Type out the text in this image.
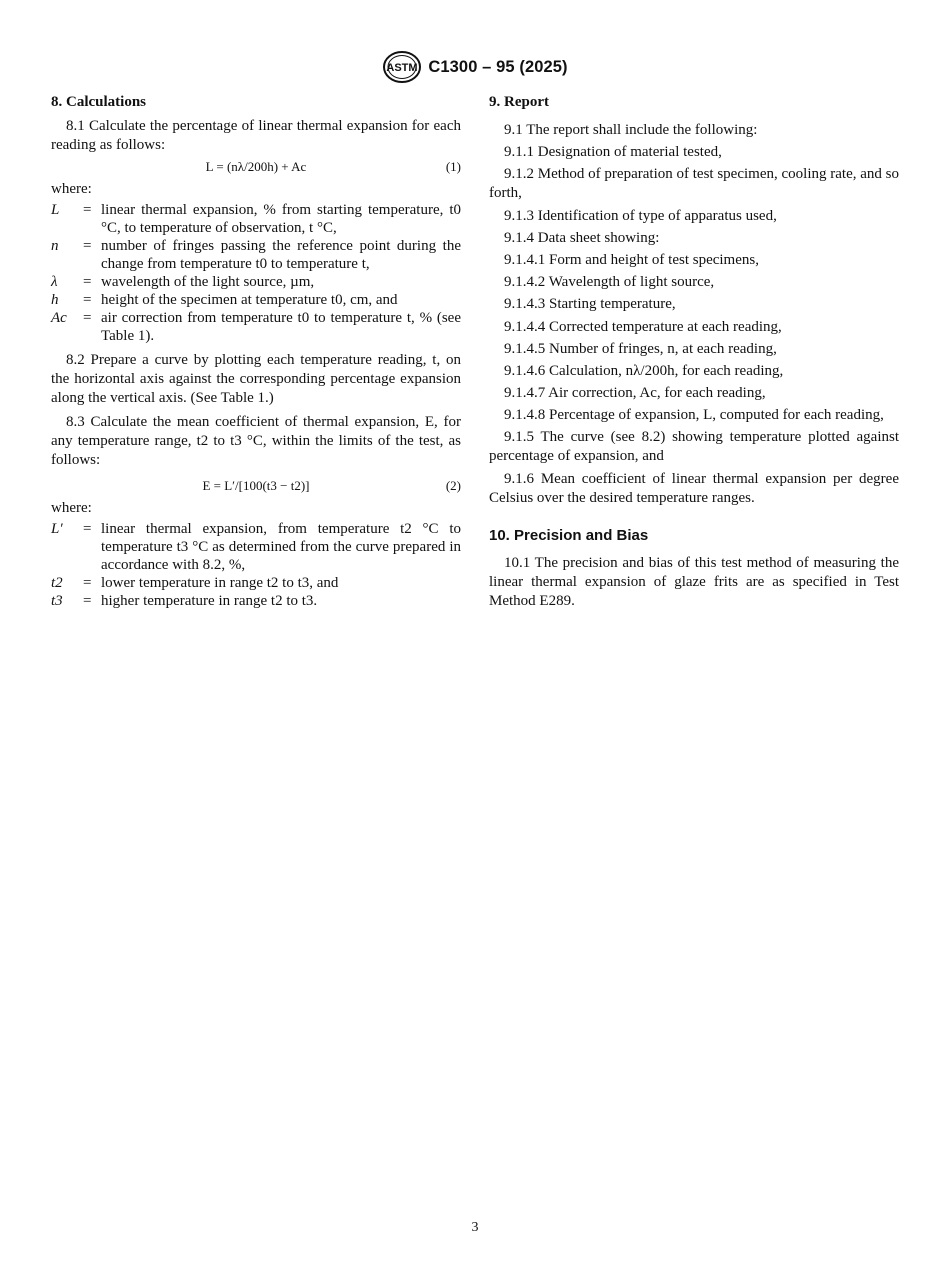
ASTM C1300 – 95 (2025)

8. Calculations

8.1 Calculate the percentage of linear thermal expansion for each reading as follows:

L = (nλ/200h) + Ac	(1)

where:

L	=	linear thermal expansion, % from starting temperature, t0 °C, to temperature of observation, t °C,
n	=	number of fringes passing the reference point during the change from temperature t0 to temperature t,
λ	=	wavelength of the light source, µm,
h	=	height of the specimen at temperature t0, cm, and
Ac	=	air correction from temperature t0 to temperature t, % (see Table 1).

8.2 Prepare a curve by plotting each temperature reading, t, on the horizontal axis against the corresponding percentage expansion along the vertical axis. (See Table 1.)

8.3 Calculate the mean coefficient of thermal expansion, E, for any temperature range, t2 to t3 °C, within the limits of the test, as follows:

E = L′/[100(t3 − t2)]	(2)

where:

L′	=	linear thermal expansion, from temperature t2 °C to temperature t3 °C as determined from the curve prepared in accordance with 8.2, %,
t2	=	lower temperature in range t2 to t3, and
t3	=	higher temperature in range t2 to t3.

9. Report

9.1 The report shall include the following:

9.1.1 Designation of material tested,

9.1.2 Method of preparation of test specimen, cooling rate, and so forth,

9.1.3 Identification of type of apparatus used,

9.1.4 Data sheet showing:

9.1.4.1 Form and height of test specimens,

9.1.4.2 Wavelength of light source,

9.1.4.3 Starting temperature,

9.1.4.4 Corrected temperature at each reading,

9.1.4.5 Number of fringes, n, at each reading,

9.1.4.6 Calculation, nλ/200h, for each reading,

9.1.4.7 Air correction, Ac, for each reading,

9.1.4.8 Percentage of expansion, L, computed for each reading,

9.1.5 The curve (see 8.2) showing temperature plotted against percentage of expansion, and

9.1.6 Mean coefficient of linear thermal expansion per degree Celsius over the desired temperature ranges.

10. Precision and Bias

10.1 The precision and bias of this test method of measuring the linear thermal expansion of glaze frits are as specified in Test Method E289.

3
